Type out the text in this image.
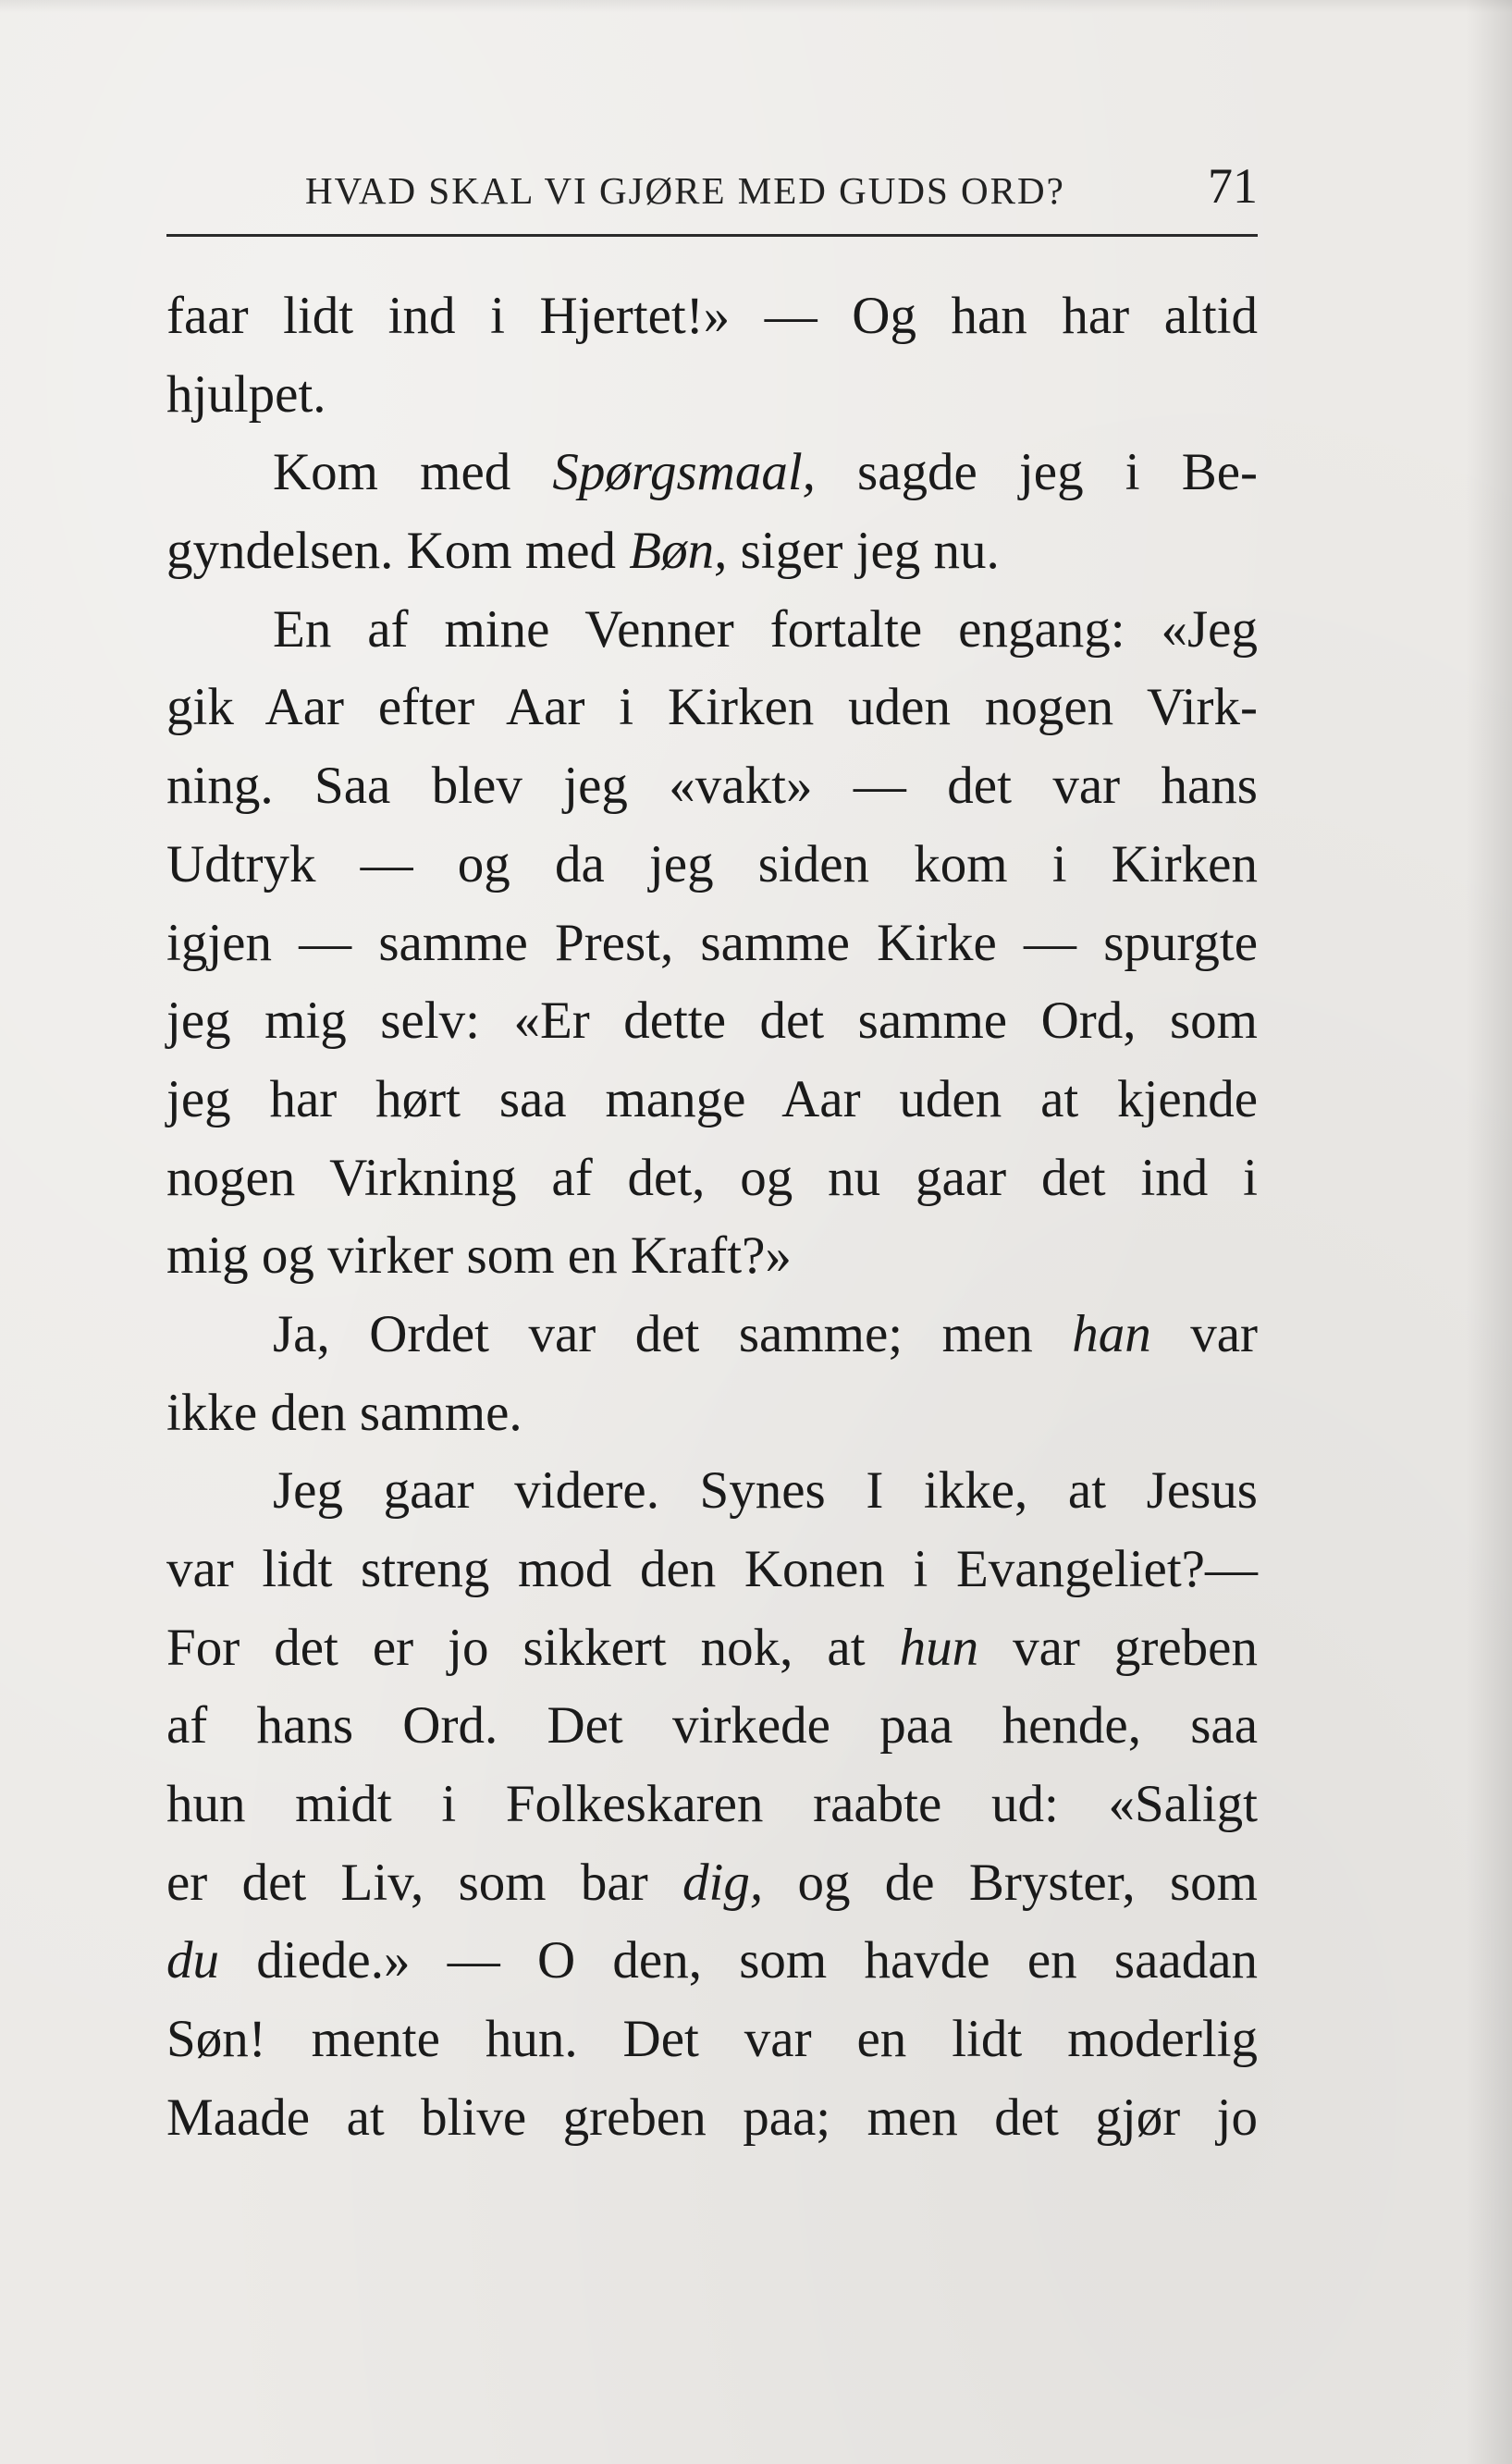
HVAD SKAL VI GJØRE MED GUDS ORD?	71
faar lidt ind i Hjertet!» — Og han har altid
hjulpet.
Kom med Spørgsmaal, sagde jeg i Be-
gyndelsen. Kom med Bøn, siger jeg nu.
En af mine Venner fortalte engang: «Jeg
gik Aar efter Aar i Kirken uden nogen Virk-
ning. Saa blev jeg «vakt» — det var hans
Udtryk — og da jeg siden kom i Kirken
igjen — samme Prest, samme Kirke — spurgte
jeg mig selv: «Er dette det samme Ord, som
jeg har hørt saa mange Aar uden at kjende
nogen Virkning af det, og nu gaar det ind i
mig og virker som en Kraft?»
Ja, Ordet var det samme; men han var
ikke den samme.
Jeg gaar videre. Synes I ikke, at Jesus
var lidt streng mod den Konen i Evangeliet?—
For det er jo sikkert nok, at hun var greben
af hans Ord. Det virkede paa hende, saa
hun midt i Folkeskaren raabte ud: «Saligt
er det Liv, som bar dig, og de Bryster, som
du diede.» — O den, som havde en saadan
Søn! mente hun. Det var en lidt moderlig
Maade at blive greben paa; men det gjør jo
